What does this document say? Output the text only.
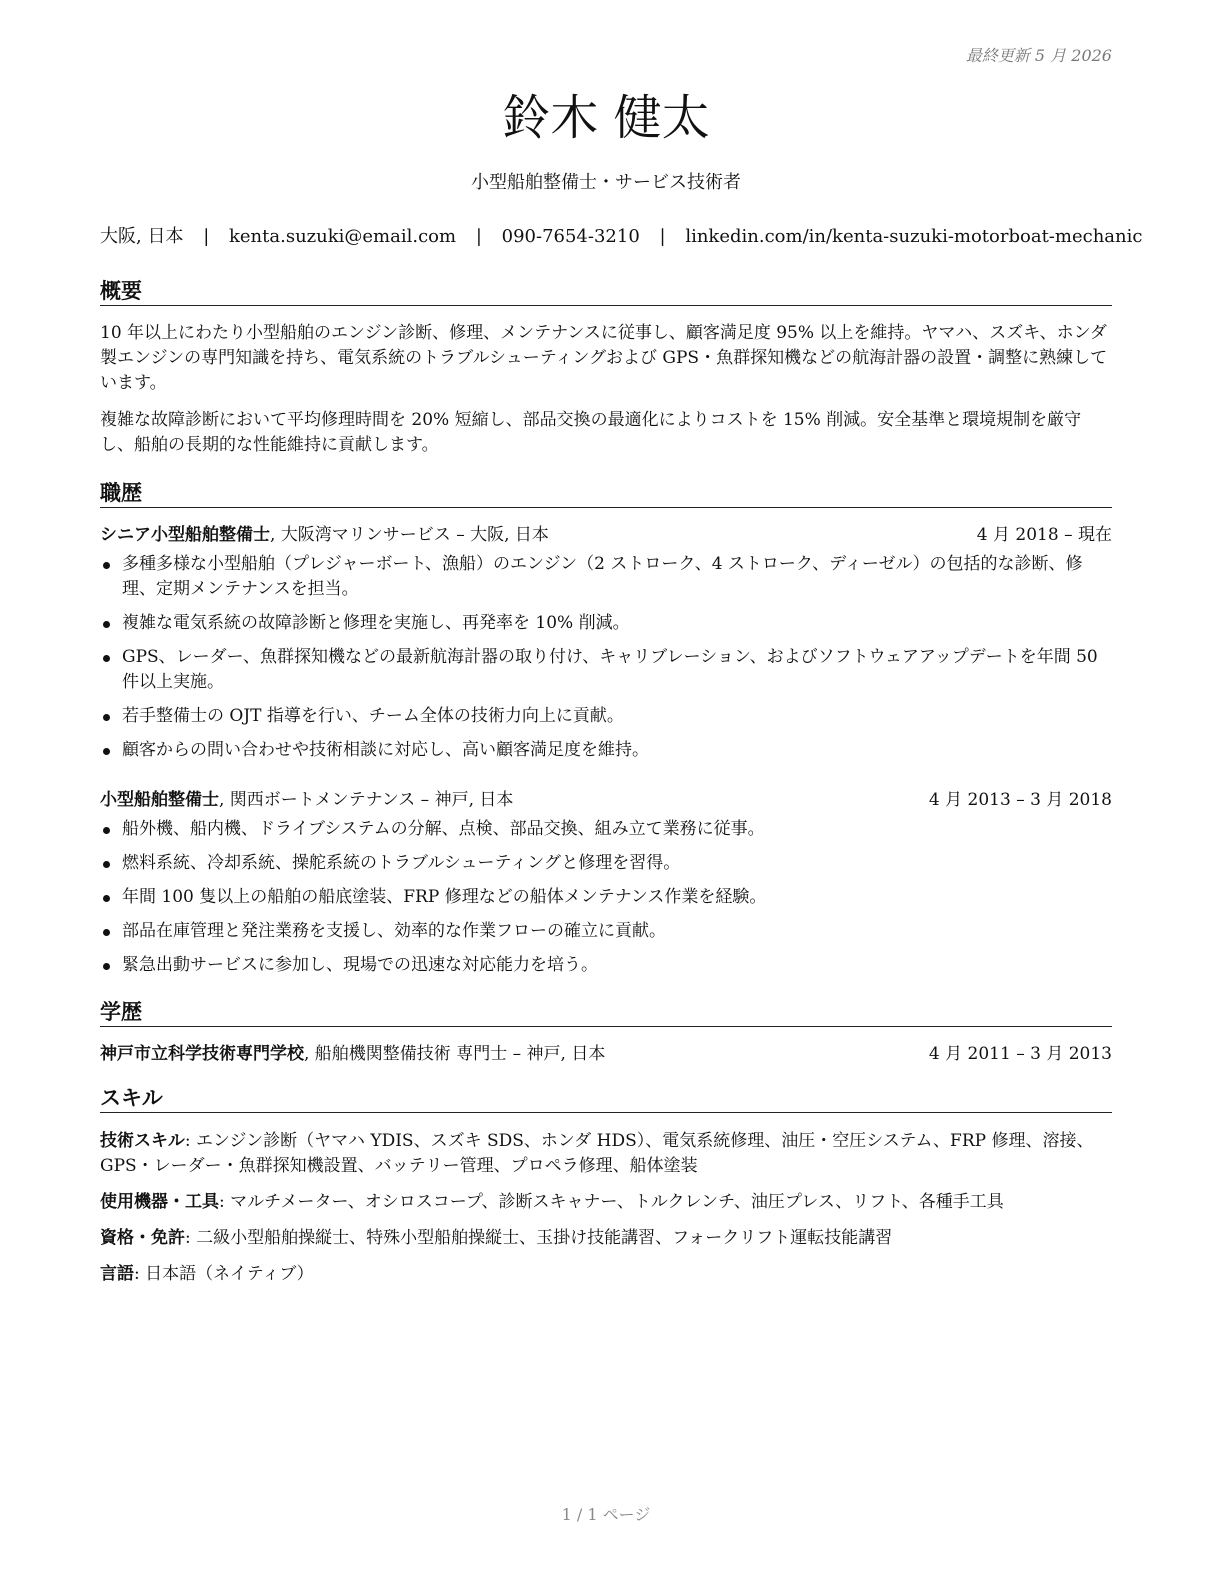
最終更新 5 月 2026
鈴木 健太
小型船舶整備士・サービス技術者
大阪, 日本 | kenta.suzuki@email.com | 090-7654-3210 | linkedin.com/in/kenta-suzuki-motorboat-mechanic
概要

10 年以上にわたり小型船舶のエンジン診断、修理、メンテナンスに従事し、顧客満足度 95% 以上を維持。ヤマハ、スズキ、ホンダ製エンジンの専門知識を持ち、電気系統のトラブルシューティングおよび GPS・魚群探知機などの航海計器の設置・調整に熟練しています。

複雑な故障診断において平均修理時間を 20% 短縮し、部品交換の最適化によりコストを 15% 削減。安全基準と環境規制を厳守し、船舶の長期的な性能維持に貢献します。

職歴
シニア小型船舶整備士, 大阪湾マリンサービス – 大阪, 日本	4 月 2018 – 現在
多種多様な小型船舶（プレジャーボート、漁船）のエンジン（2 ストローク、4 ストローク、ディーゼル）の包括的な診断、修理、定期メンテナンスを担当。
複雑な電気系統の故障診断と修理を実施し、再発率を 10% 削減。
GPS、レーダー、魚群探知機などの最新航海計器の取り付け、キャリブレーション、およびソフトウェアアップデートを年間 50 件以上実施。
若手整備士の OJT 指導を行い、チーム全体の技術力向上に貢献。
顧客からの問い合わせや技術相談に対応し、高い顧客満足度を維持。
小型船舶整備士, 関西ボートメンテナンス – 神戸, 日本	4 月 2013 – 3 月 2018
船外機、船内機、ドライブシステムの分解、点検、部品交換、組み立て業務に従事。
燃料系統、冷却系統、操舵系統のトラブルシューティングと修理を習得。
年間 100 隻以上の船舶の船底塗装、FRP 修理などの船体メンテナンス作業を経験。
部品在庫管理と発注業務を支援し、効率的な作業フローの確立に貢献。
緊急出動サービスに参加し、現場での迅速な対応能力を培う。
学歴
神戸市立科学技術専門学校, 船舶機関整備技術 専門士 – 神戸, 日本	4 月 2011 – 3 月 2013
スキル

技術スキル: エンジン診断（ヤマハ YDIS、スズキ SDS、ホンダ HDS）、電気系統修理、油圧・空圧システム、FRP 修理、溶接、GPS・レーダー・魚群探知機設置、バッテリー管理、プロペラ修理、船体塗装

使用機器・工具: マルチメーター、オシロスコープ、診断スキャナー、トルクレンチ、油圧プレス、リフト、各種手工具

資格・免許: 二級小型船舶操縦士、特殊小型船舶操縦士、玉掛け技能講習、フォークリフト運転技能講習

言語: 日本語（ネイティブ）

1 / 1 ページ
